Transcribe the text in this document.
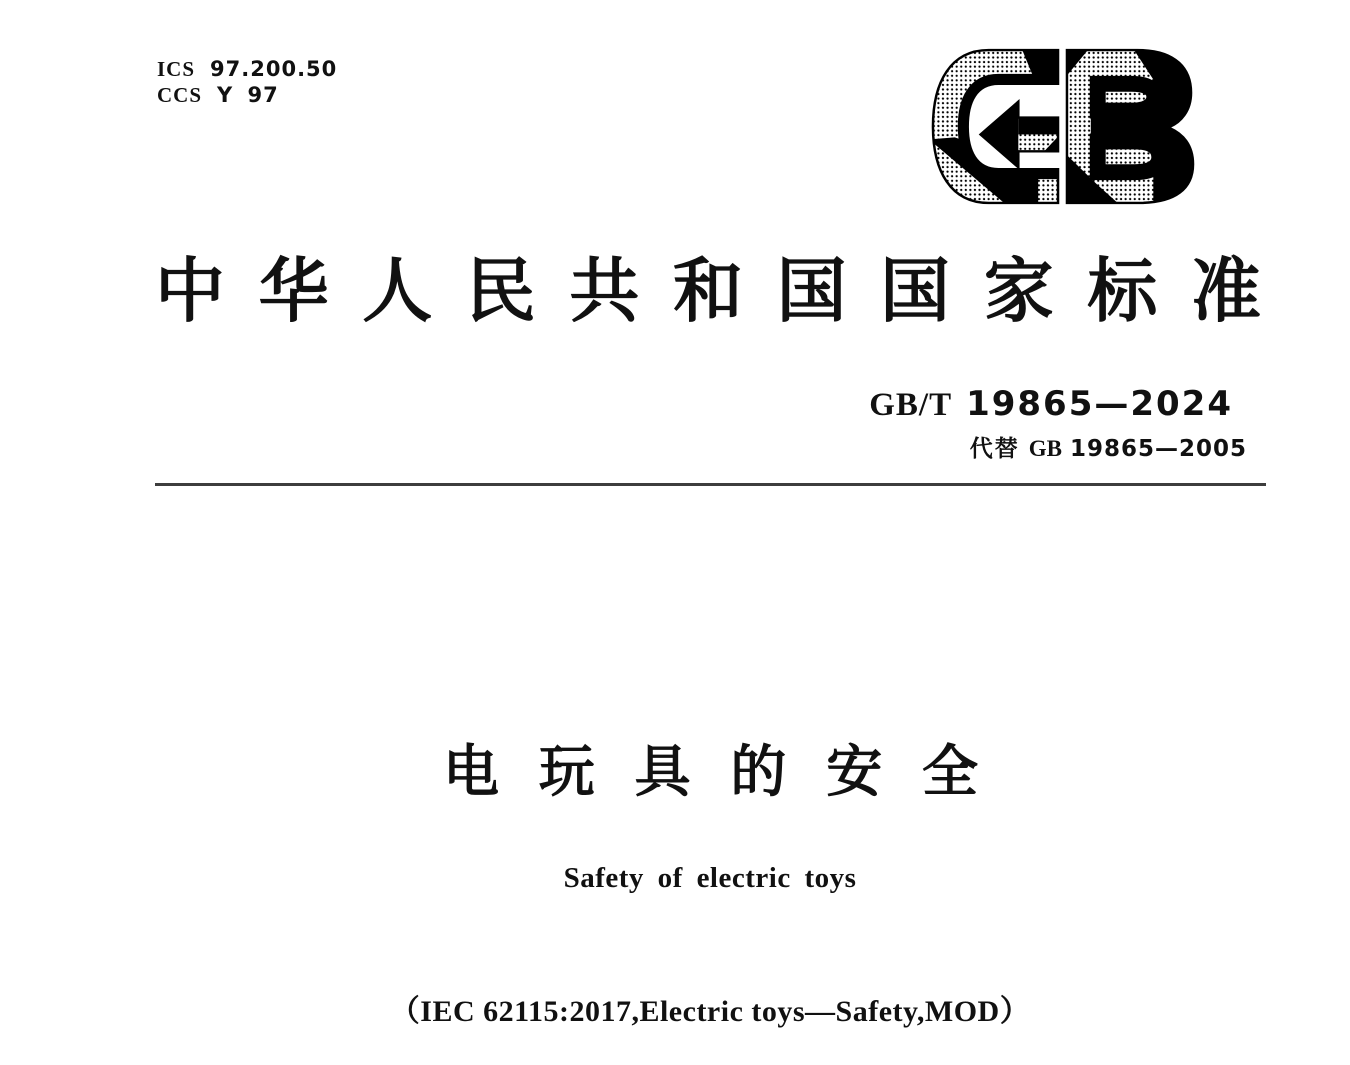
ICS 97.200.50
CCS Y 97
中 华 人 民 共 和 国 国 家 标 准
GB/T 19865—2024
代替 GB 19865—2005
电 玩 具 的 安 全
Safety of electric toys
（IEC 62115:2017,Electric toys—Safety,MOD）
